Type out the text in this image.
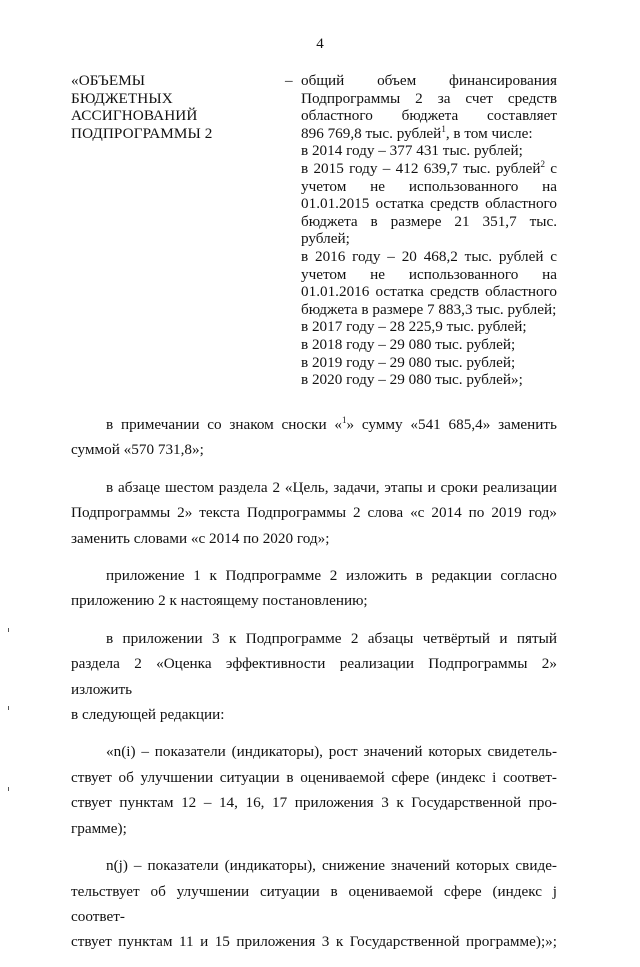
4
«ОБЪЕМЫ
БЮДЖЕТНЫХ
АССИГНОВАНИЙ
ПОДПРОГРАММЫ 2
– общий объем финансирования
Подпрограммы 2 за счет средств
областного бюджета составляет
896 769,8 тыс. рублей$^1$, в том числе:
в 2014 году – 377 431 тыс. рублей;
в 2015 году – 412 639,7 тыс. рублей$^2$ с
учетом не использованного на
01.01.2015 остатка средств областного
бюджета в размере 21 351,7 тыс.
рублей;
в 2016 году – 20 468,2 тыс. рублей с
учетом не использованного на
01.01.2016 остатка средств областного
бюджета в размере 7 883,3 тыс. рублей;
в 2017 году – 28 225,9 тыс. рублей;
в 2018 году – 29 080 тыс. рублей;
в 2019 году – 29 080 тыс. рублей;
в 2020 году – 29 080 тыс. рублей»;
в примечании со знаком сноски «$^1$» сумму «541 685,4» заменить
суммой «570 731,8»;
в абзаце шестом раздела 2 «Цель, задачи, этапы и сроки реализации
Подпрограммы 2» текста Подпрограммы 2 слова «с 2014 по 2019 год»
заменить словами «с 2014 по 2020 год»;
приложение 1 к Подпрограмме 2 изложить в редакции согласно
приложению 2 к настоящему постановлению;
в приложении 3 к Подпрограмме 2 абзацы четвёртый и пятый
раздела 2 «Оценка эффективности реализации Подпрограммы 2» изложить
в следующей редакции:
«n(i) – показатели (индикаторы), рост значений которых свидетель-
ствует об улучшении ситуации в оцениваемой сфере (индекс i соответ-
ствует пунктам 12 – 14, 16, 17 приложения 3 к Государственной про-
грамме);
n(j) – показатели (индикаторы), снижение значений которых свиде-
тельствует об улучшении ситуации в оцениваемой сфере (индекс j соответ-
ствует пунктам 11 и 15 приложения 3 к Государственной программе);»;
